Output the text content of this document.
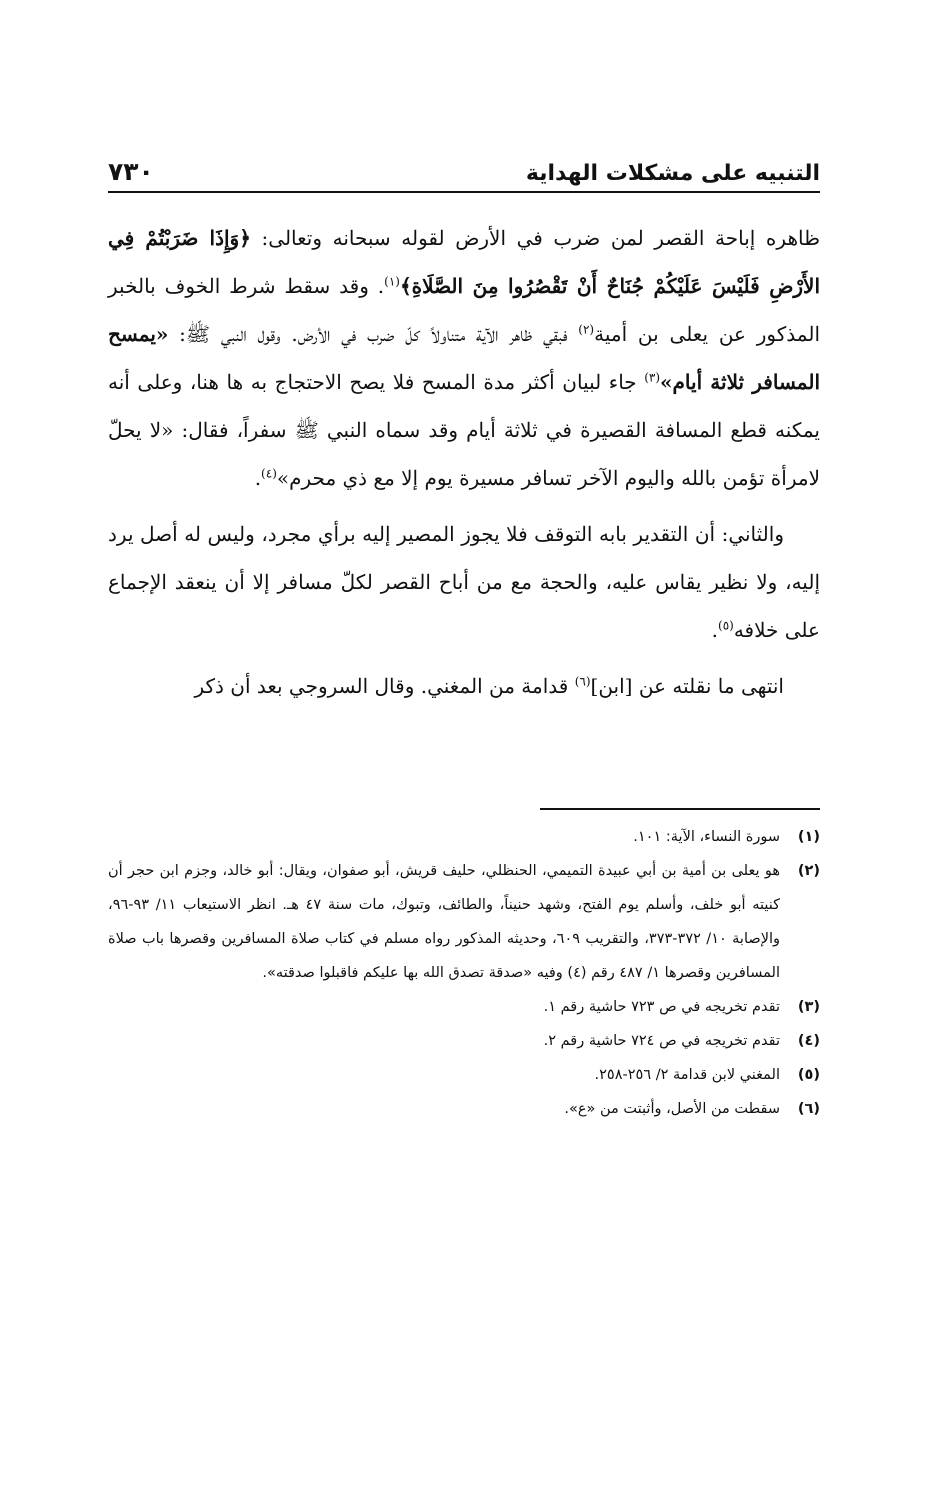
التنبيه على مشكلات الهداية
٧٣٠

ظاهره إباحة القصر لمن ضرب في الأرض لقوله سبحانه وتعالى: ﴿وَإِذَا ضَرَبْتُمْ فِي الأَرْضِ فَلَيْسَ عَلَيْكُمْ جُنَاحٌ أَنْ تَقْصُرُوا مِنَ الصَّلَاةِ﴾$^{(١)}$. وقد سقط شرط الخوف بالخبر المذكور عن يعلى بن أمية$^{(٢)}$ فبقي ظاهر الآية متناولاً كلّ ضرب في الأرض. وقول النبي ﷺ: «يمسح المسافر ثلاثة أيام»$^{(٣)}$ جاء لبيان أكثر مدة المسح فلا يصح الاحتجاج به ها هنا، وعلى أنه يمكنه قطع المسافة القصيرة في ثلاثة أيام وقد سماه النبي ﷺ سفراً، فقال: «لا يحلّ لامرأة تؤمن بالله واليوم الآخر تسافر مسيرة يوم إلا مع ذي محرم»$^{(٤)}$.

والثاني: أن التقدير بابه التوقف فلا يجوز المصير إليه برأي مجرد، وليس له أصل يرد إليه، ولا نظير يقاس عليه، والحجة مع من أباح القصر لكلّ مسافر إلا أن ينعقد الإجماع على خلافه$^{(٥)}$.

انتهى ما نقلته عن [ابن]$^{(٦)}$ قدامة من المغني. وقال السروجي بعد أن ذكر

(١)
سورة النساء، الآية: ١٠١.

(٢)
هو يعلى بن أمية بن أبي عبيدة التميمي، الحنظلي، حليف قريش، أبو صفوان، ويقال: أبو خالد، وجزم ابن حجر أن كنيته أبو خلف، وأسلم يوم الفتح، وشهد حنيناً، والطائف، وتبوك، مات سنة ٤٧ هـ. انظر الاستيعاب ١١/ ٩٣-٩٦، والإصابة ١٠/ ٣٧٢-٣٧٣، والتقريب ٦٠٩، وحديثه المذكور رواه مسلم في كتاب صلاة المسافرين وقصرها باب صلاة المسافرين وقصرها ١/ ٤٨٧ رقم (٤) وفيه «صدقة تصدق الله بها عليكم فاقبلوا صدقته».

(٣)
تقدم تخريجه في ص ٧٢٣ حاشية رقم ١.

(٤)
تقدم تخريجه في ص ٧٢٤ حاشية رقم ٢.

(٥)
المغني لابن قدامة ٢/ ٢٥٦-٢٥٨.

(٦)
سقطت من الأصل، وأثبتت من «ع».
